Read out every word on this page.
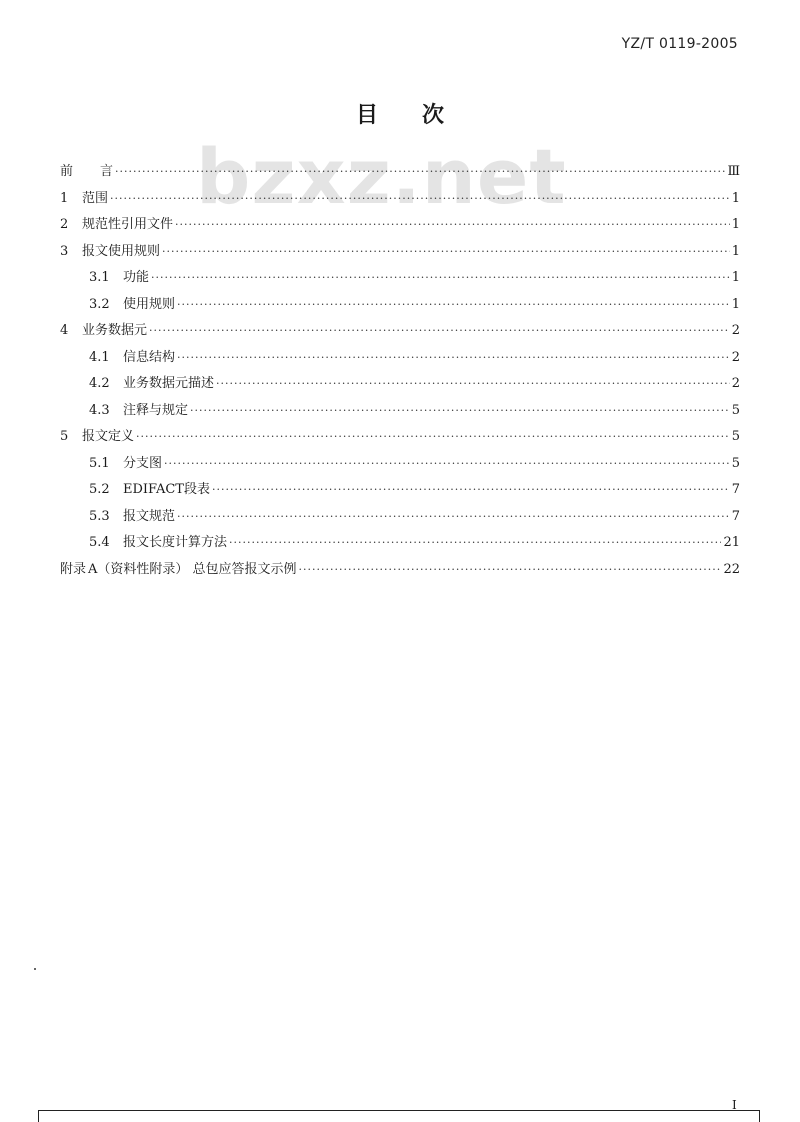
YZ/T 0119-2005
bzxz.net
目 次
前	言 ·····	Ⅲ
1	范围 ·····	1
2	规范性引用文件 ·····	1
3	报文使用规则 ·····	1
3.1	功能 ·····	1
3.2	使用规则 ·····	1
4	业务数据元 ·····	2
4.1	信息结构 ·····	2
4.2	业务数据元描述 ·····	2
4.3	注释与规定 ·····	5
5	报文定义 ·····	5
5.1	分支图 ·····	5
5.2	EDIFACT段表 ·····	7
5.3	报文规范 ·····	7
5.4	报文长度计算方法 ·····	21
附录 A（资料性附录） 总包应答报文示例 ·····	22
I
